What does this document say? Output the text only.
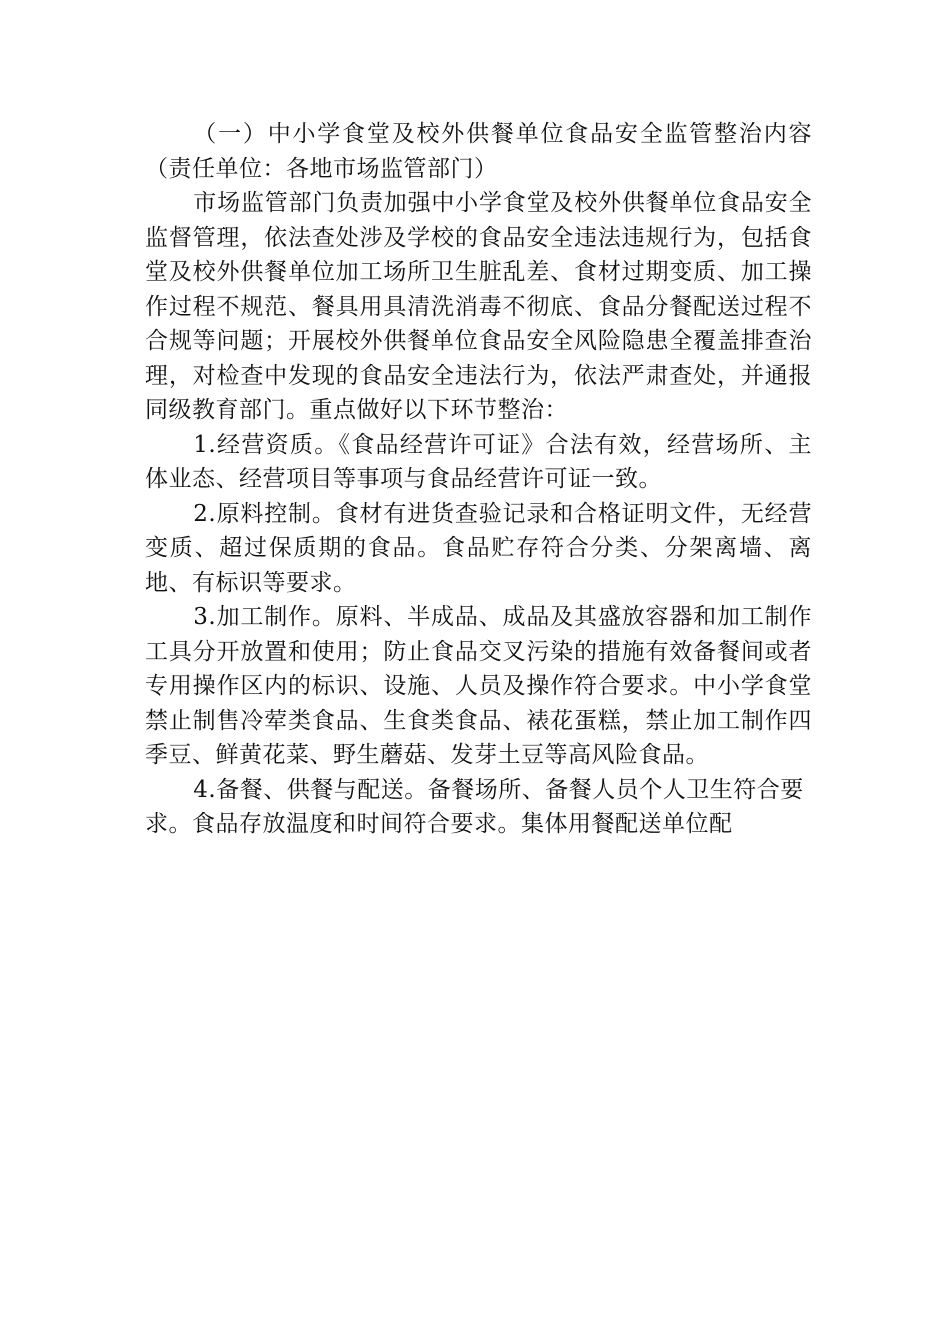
（一）中小学食堂及校外供餐单位食品安全监管整治内容（责任单位：各地市场监管部门）

市场监管部门负责加强中小学食堂及校外供餐单位食品安全监督管理，依法查处涉及学校的食品安全违法违规行为，包括食堂及校外供餐单位加工场所卫生脏乱差、食材过期变质、加工操作过程不规范、餐具用具清洗消毒不彻底、食品分餐配送过程不合规等问题；开展校外供餐单位食品安全风险隐患全覆盖排查治理，对检查中发现的食品安全违法行为，依法严肃查处，并通报同级教育部门。重点做好以下环节整治：

1.经营资质。《食品经营许可证》合法有效，经营场所、主体业态、经营项目等事项与食品经营许可证一致。

2.原料控制。食材有进货查验记录和合格证明文件，无经营变质、超过保质期的食品。食品贮存符合分类、分架离墙、离地、有标识等要求。

3.加工制作。原料、半成品、成品及其盛放容器和加工制作工具分开放置和使用；防止食品交叉污染的措施有效备餐间或者专用操作区内的标识、设施、人员及操作符合要求。中小学食堂禁止制售冷荤类食品、生食类食品、裱花蛋糕，禁止加工制作四季豆、鲜黄花菜、野生蘑菇、发芽土豆等高风险食品。

4.备餐、供餐与配送。备餐场所、备餐人员个人卫生符合要求。食品存放温度和时间符合要求。集体用餐配送单位配
